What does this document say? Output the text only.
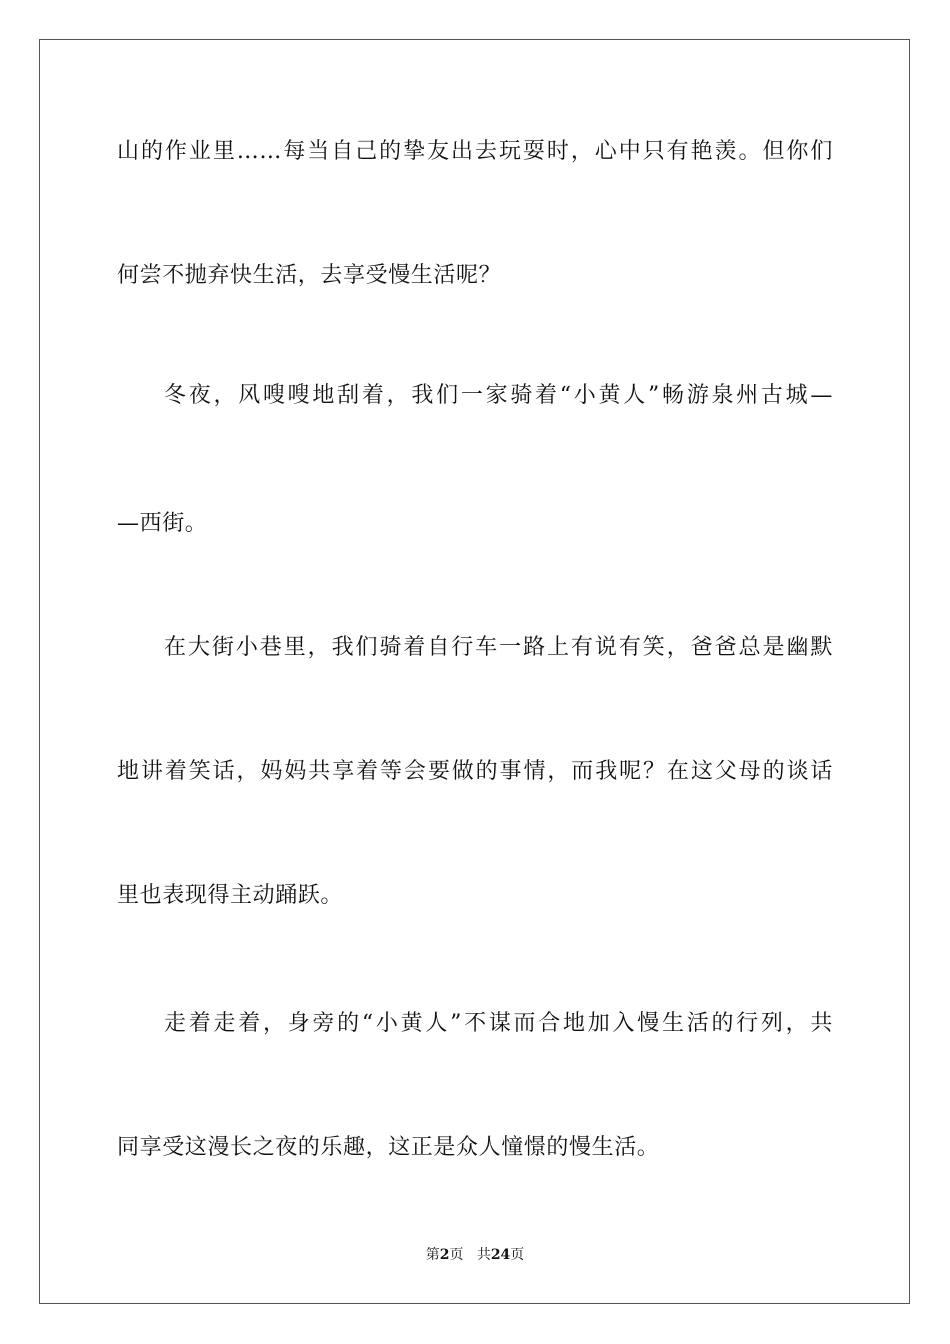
山的作业里……每当自己的挚友出去玩耍时，心中只有艳羡。但你们
何尝不抛弃快生活，去享受慢生活呢？
冬夜，风嗖嗖地刮着，我们一家骑着“小黄人”畅游泉州古城—
—西街。
在大街小巷里，我们骑着自行车一路上有说有笑，爸爸总是幽默
地讲着笑话，妈妈共享着等会要做的事情，而我呢？在这父母的谈话
里也表现得主动踊跃。
走着走着，身旁的“小黄人”不谋而合地加入慢生活的行列，共
同享受这漫长之夜的乐趣，这正是众人憧憬的慢生活。
第2页 共24页
